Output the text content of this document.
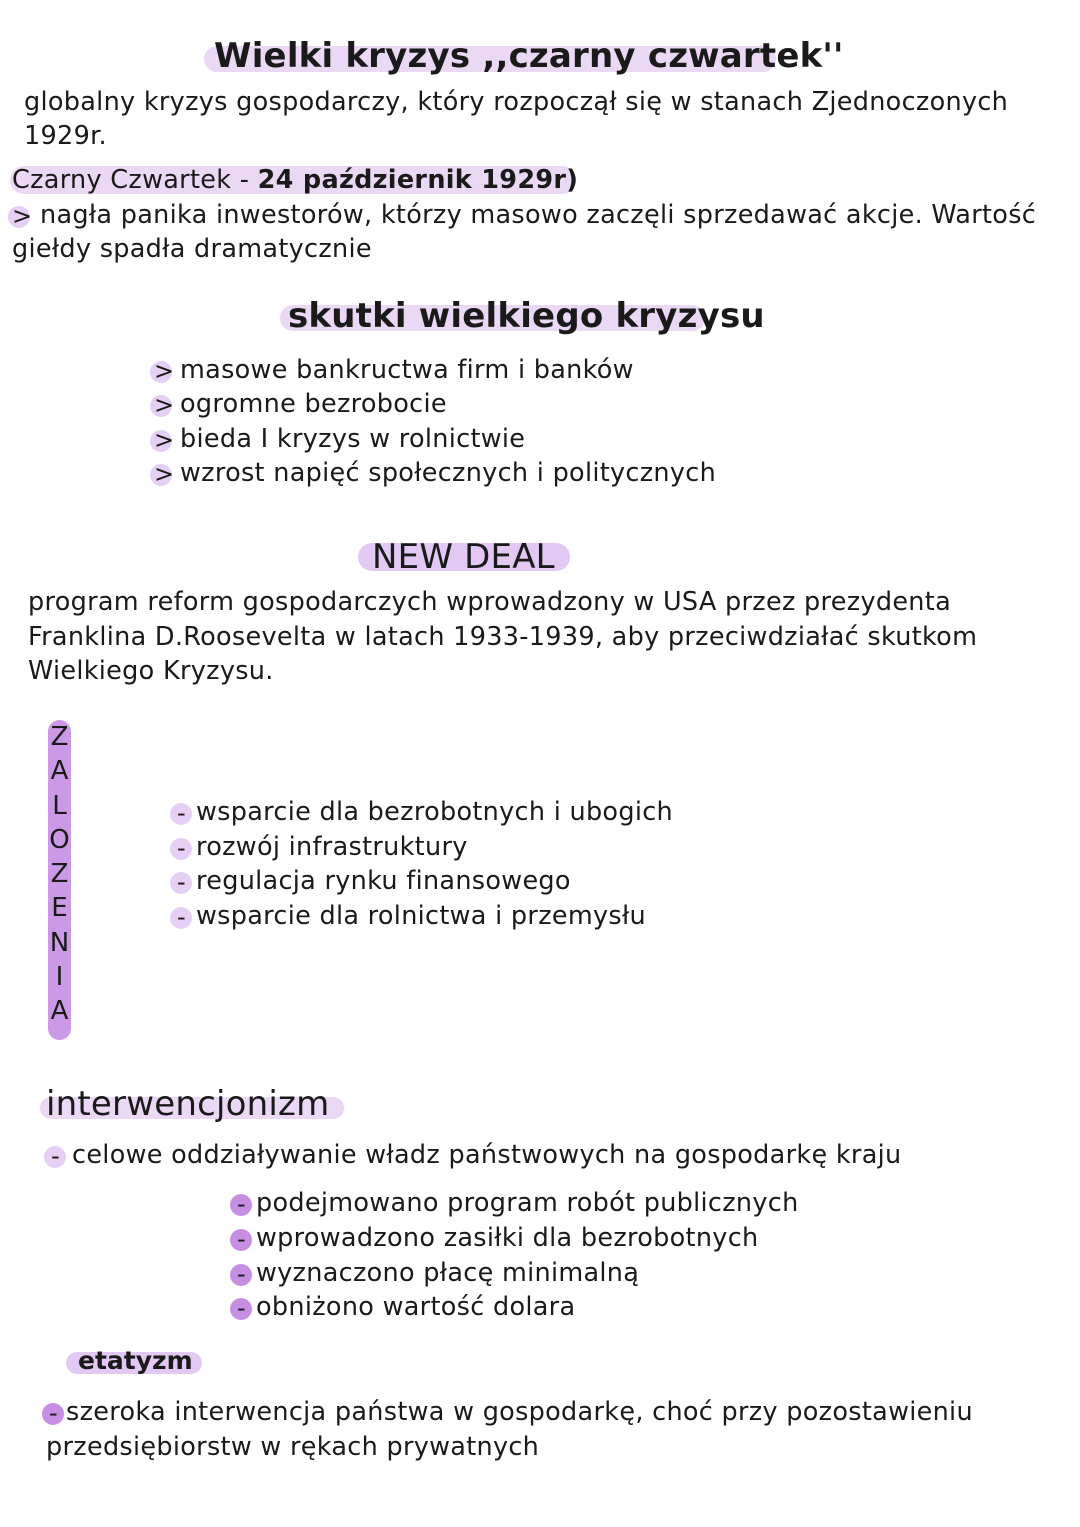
Wielki kryzys ,,czarny czwartek''
globalny kryzys gospodarczy, który rozpoczął się w stanach Zjednoczonych
1929r.
Czarny Czwartek - 24 październik 1929r)
> nagła panika inwestorów, którzy masowo zaczęli sprzedawać akcje. Wartość
giełdy spadła dramatycznie
skutki wielkiego kryzysu
> masowe bankructwa firm i banków
> ogromne bezrobocie
> bieda I kryzys w rolnictwie
> wzrost napięć społecznych i politycznych
NEW DEAL
program reform gospodarczych wprowadzony w USA przez prezydenta
Franklina D.Roosevelta w latach 1933-1939, aby przeciwdziałać skutkom
Wielkiego Kryzysu.
Z
A
L
O
Z
E
N
I
A
- wsparcie dla bezrobotnych i ubogich
- rozwój infrastruktury
- regulacja rynku finansowego
- wsparcie dla rolnictwa i przemysłu
interwencjonizm
- celowe oddziaływanie władz państwowych na gospodarkę kraju
- podejmowano program robót publicznych
- wprowadzono zasiłki dla bezrobotnych
- wyznaczono płacę minimalną
- obniżono wartość dolara
etatyzm
- szeroka interwencja państwa w gospodarkę, choć przy pozostawieniu
przedsiębiorstw w rękach prywatnych
